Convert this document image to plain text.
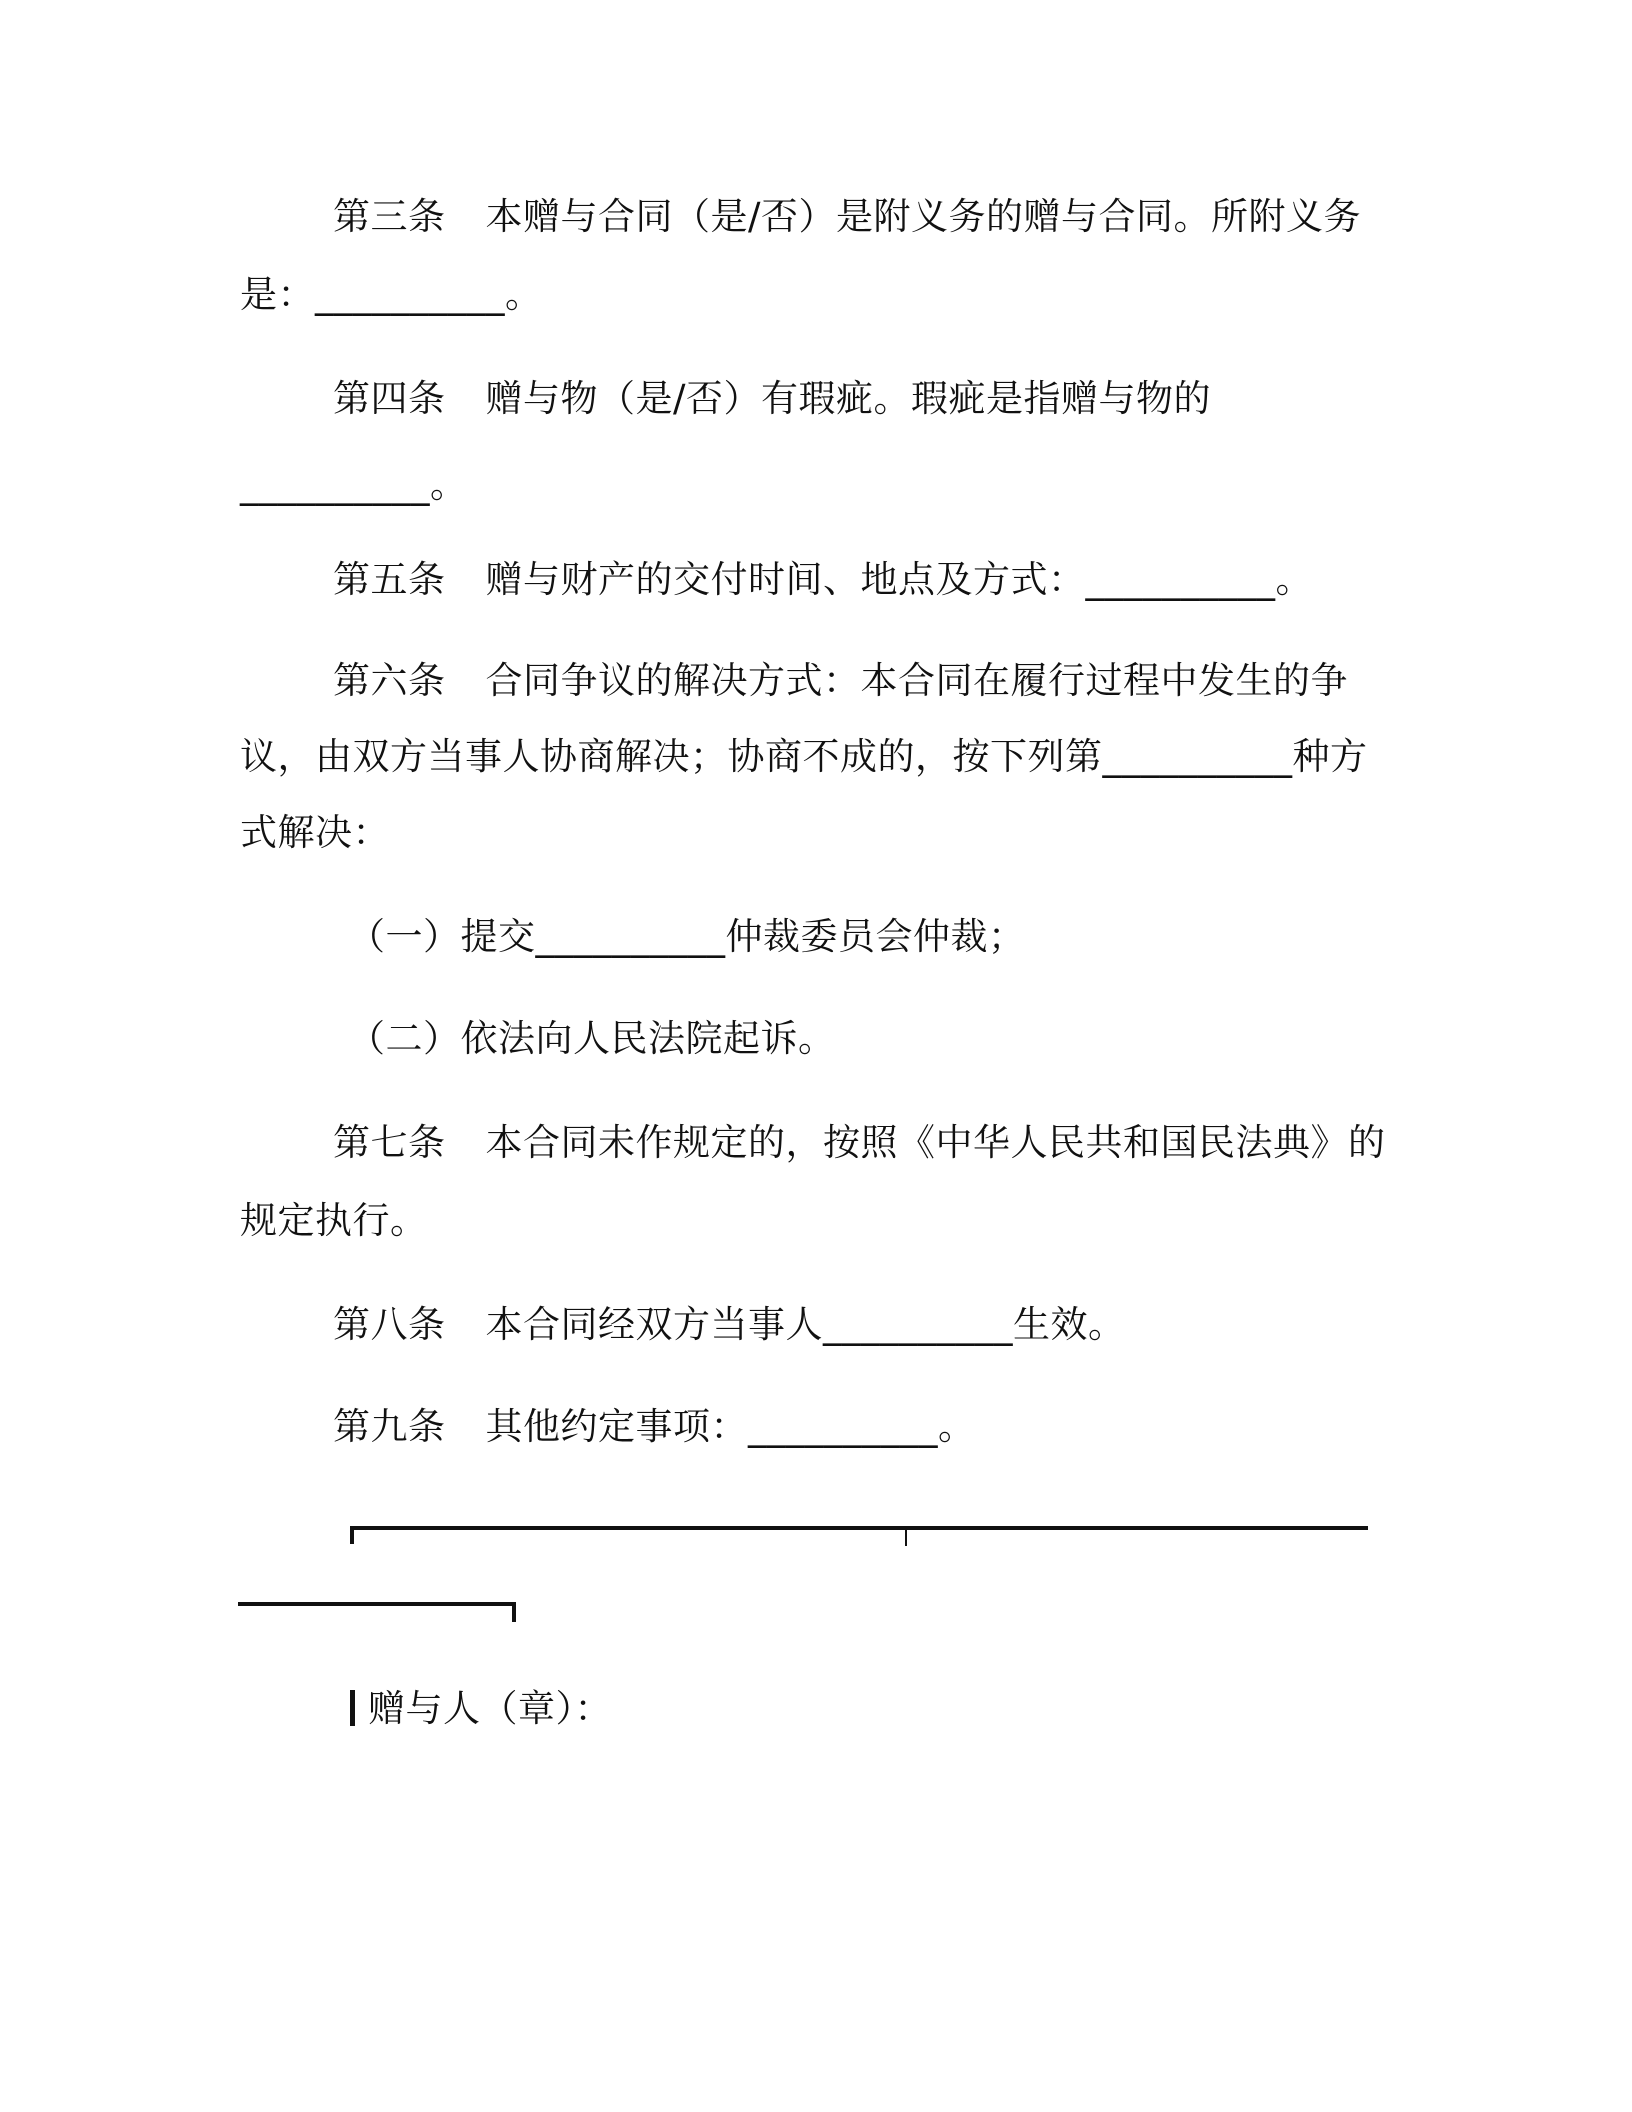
第三条 本赠与合同（是/否）是附义务的赠与合同。所附义务
是：__________。
第四条 赠与物（是/否）有瑕疵。瑕疵是指赠与物的
__________。
第五条 赠与财产的交付时间、地点及方式：__________。
第六条 合同争议的解决方式：本合同在履行过程中发生的争
议，由双方当事人协商解决；协商不成的，按下列第__________种方
式解决：
（一）提交__________仲裁委员会仲裁；
（二）依法向人民法院起诉。
第七条 本合同未作规定的，按照《中华人民共和国民法典》的
规定执行。
第八条 本合同经双方当事人__________生效。
第九条 其他约定事项：__________。
赠与人（章）：
